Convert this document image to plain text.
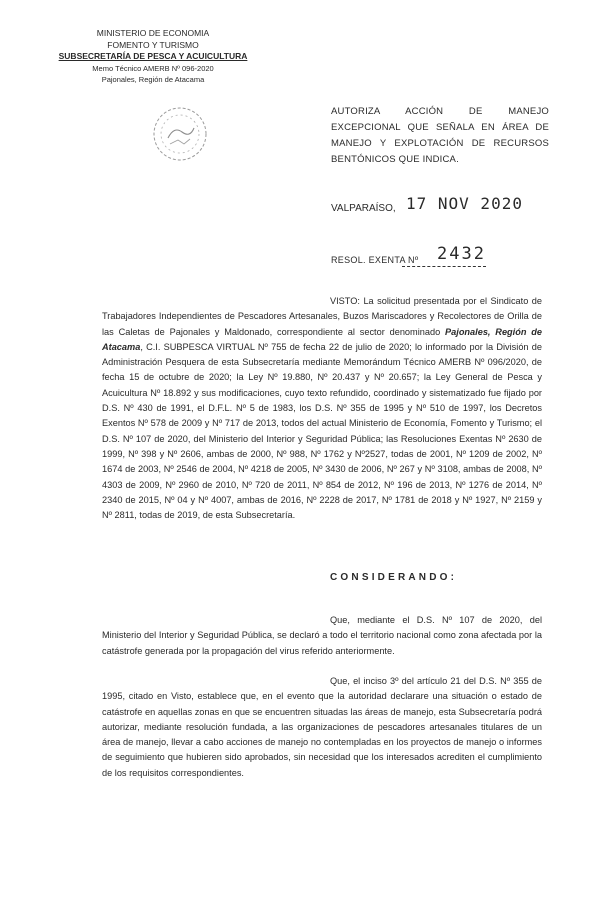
MINISTERIO DE ECONOMIA
FOMENTO Y TURISMO
SUBSECRETARÍA DE PESCA Y ACUICULTURA
Memo Técnico AMERB Nº 096-2020
Pajonales, Región de Atacama
AUTORIZA ACCIÓN DE MANEJO EXCEPCIONAL QUE SEÑALA EN ÁREA DE MANEJO Y EXPLOTACIÓN DE RECURSOS BENTÓNICOS QUE INDICA.
VALPARAÍSO, 17 NOV 2020
RESOL. EXENTA Nº 2432

VISTO: La solicitud presentada por el Sindicato de Trabajadores Independientes de Pescadores Artesanales, Buzos Mariscadores y Recolectores de Orilla de las Caletas de Pajonales y Maldonado, correspondiente al sector denominado Pajonales, Región de Atacama, C.I. SUBPESCA VIRTUAL Nº 755 de fecha 22 de julio de 2020; lo informado por la División de Administración Pesquera de esta Subsecretaría mediante Memorándum Técnico AMERB Nº 096/2020, de fecha 15 de octubre de 2020; la Ley Nº 19.880, Nº 20.437 y Nº 20.657; la Ley General de Pesca y Acuicultura Nº 18.892 y sus modificaciones, cuyo texto refundido, coordinado y sistematizado fue fijado por D.S. Nº 430 de 1991, el D.F.L. Nº 5 de 1983, los D.S. Nº 355 de 1995 y Nº 510 de 1997, los Decretos Exentos Nº 578 de 2009 y Nº 717 de 2013, todos del actual Ministerio de Economía, Fomento y Turismo; el D.S. Nº 107 de 2020, del Ministerio del Interior y Seguridad Pública; las Resoluciones Exentas Nº 2630 de 1999, Nº 398 y Nº 2606, ambas de 2000, Nº 988, Nº 1762 y Nº2527, todas de 2001, Nº 1209 de 2002, Nº 1674 de 2003, Nº 2546 de 2004, Nº 4218 de 2005, Nº 3430 de 2006, Nº 267 y Nº 3108, ambas de 2008, Nº 4303 de 2009, Nº 2960 de 2010, Nº 720 de 2011, Nº 854 de 2012, Nº 196 de 2013, Nº 1276 de 2014, Nº 2340 de 2015, Nº 04 y Nº 4007, ambas de 2016, Nº 2228 de 2017, Nº 1781 de 2018 y Nº 1927, Nº 2159 y Nº 2811, todas de 2019, de esta Subsecretaría.

CONSIDERANDO:

Que, mediante el D.S. Nº 107 de 2020, del Ministerio del Interior y Seguridad Pública, se declaró a todo el territorio nacional como zona afectada por la catástrofe generada por la propagación del virus referido anteriormente.

Que, el inciso 3º del artículo 21 del D.S. Nº 355 de 1995, citado en Visto, establece que, en el evento que la autoridad declarare una situación o estado de catástrofe en aquellas zonas en que se encuentren situadas las áreas de manejo, esta Subsecretaría podrá autorizar, mediante resolución fundada, a las organizaciones de pescadores artesanales titulares de un área de manejo, llevar a cabo acciones de manejo no contempladas en los proyectos de manejo o informes de seguimiento que hubieren sido aprobados, sin necesidad que los interesados acrediten el cumplimiento de los requisitos correspondientes.
